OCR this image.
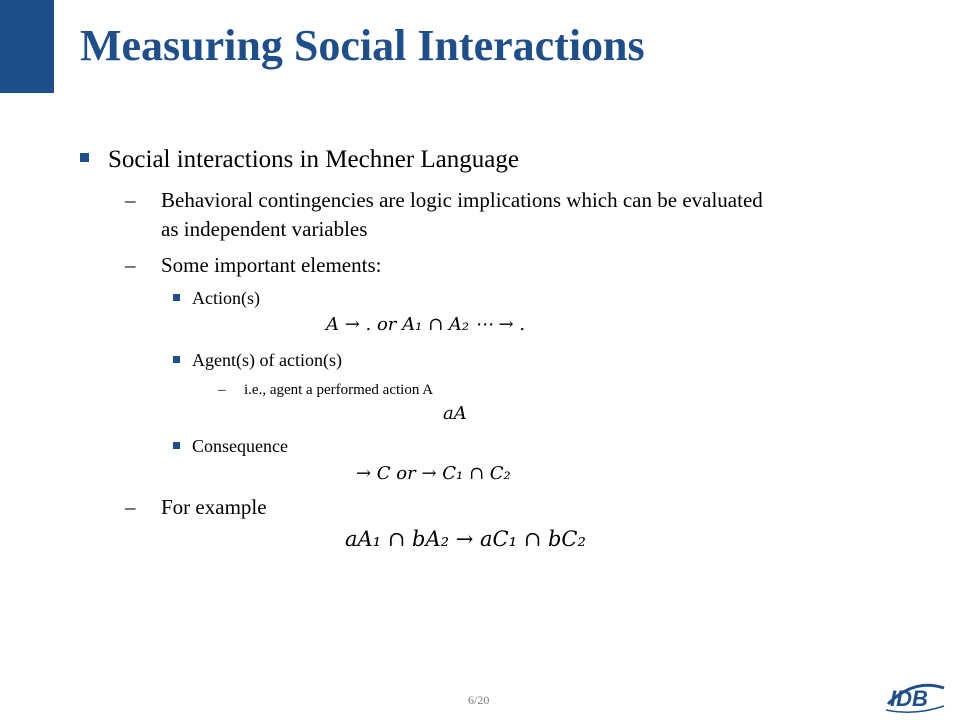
Measuring Social Interactions
Social interactions in Mechner Language
– Behavioral contingencies are logic implications which can be evaluated
as independent variables
– Some important elements:
Action(s)
A → . or A₁ ∩ A₂ ⋯ → .
Agent(s) of action(s)
– i.e., agent a performed action A
aA
Consequence
→ C or → C₁ ∩ C₂
– For example
aA₁ ∩ bA₂ → aC₁ ∩ bC₂
6/20	IDB
